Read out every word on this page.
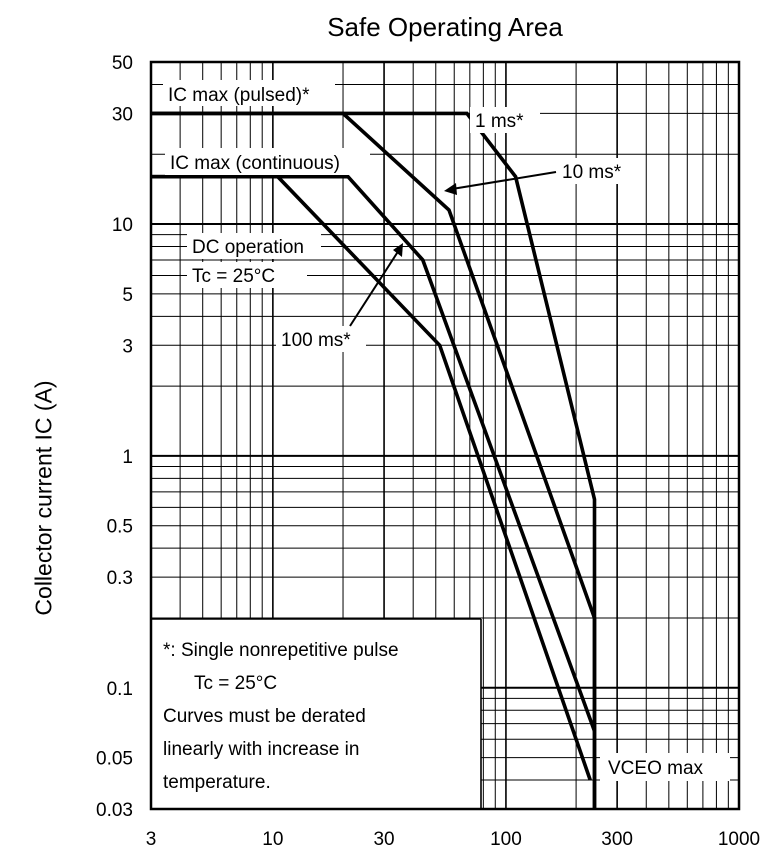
Safe Operating Area
Collector current IC (A)
*: Single nonrepetitive pulse
Tc = 25°C
Curves must be derated
linearly with increase in
temperature.
3	10	30	100	300	1000
0.03
0.05
0.1
0.3
0.5
1
3
5
10
30
50
IC max (pulsed)*
IC max (continuous)
1 ms*
10 ms*
DC operation
Tc = 25°C
100 ms*
VCEO max
